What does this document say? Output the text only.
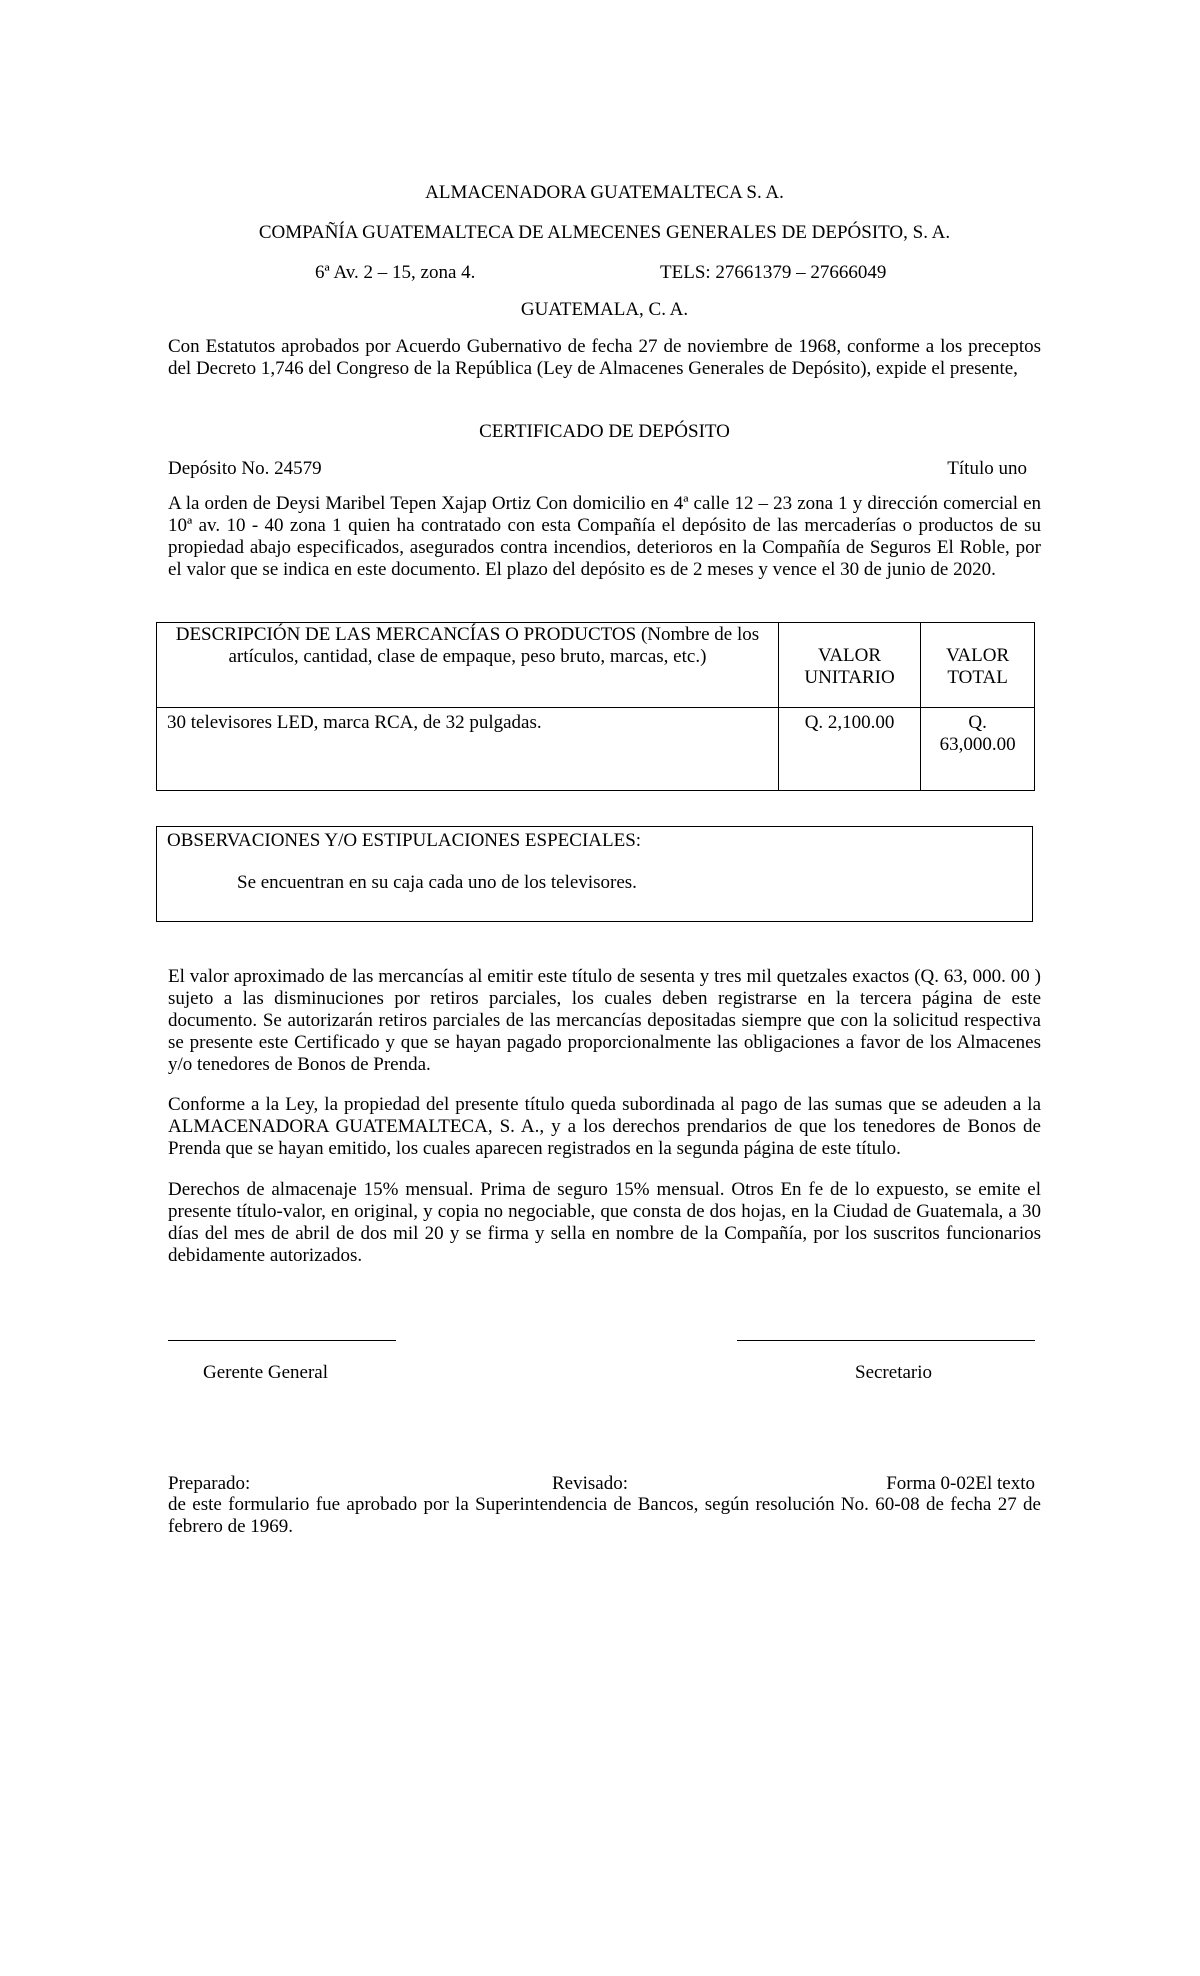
ALMACENADORA GUATEMALTECA S. A.
COMPAÑÍA GUATEMALTECA DE ALMECENES GENERALES DE DEPÓSITO, S. A.
6ª Av. 2 – 15, zona 4.	TELS: 27661379 – 27666049
GUATEMALA, C. A.
Con Estatutos aprobados por Acuerdo Gubernativo de fecha 27 de noviembre de 1968, conforme a los preceptos del Decreto 1,746 del Congreso de la República (Ley de Almacenes Generales de Depósito), expide el presente,
CERTIFICADO DE DEPÓSITO
Depósito No. 24579	Título uno
A la orden de Deysi Maribel Tepen Xajap Ortiz Con domicilio en 4ª calle 12 – 23 zona 1 y dirección comercial en 10ª av. 10 - 40 zona 1 quien ha contratado con esta Compañía el depósito de las mercaderías o productos de su propiedad abajo especificados, asegurados contra incendios, deterioros en la Compañía de Seguros El Roble, por el valor que se indica en este documento. El plazo del depósito es de 2 meses y vence el 30 de junio de 2020.
DESCRIPCIÓN DE LAS MERCANCÍAS O PRODUCTOS (Nombre de los artículos, cantidad, clase de empaque, peso bruto, marcas, etc.)	VALOR UNITARIO	VALOR TOTAL
30 televisores LED, marca RCA, de 32 pulgadas.	Q. 2,100.00	Q. 63,000.00
OBSERVACIONES Y/O ESTIPULACIONES ESPECIALES:
Se encuentran en su caja cada uno de los televisores.
El valor aproximado de las mercancías al emitir este título de sesenta y tres mil quetzales exactos (Q. 63, 000. 00 ) sujeto a las disminuciones por retiros parciales, los cuales deben registrarse en la tercera página de este documento. Se autorizarán retiros parciales de las mercancías depositadas siempre que con la solicitud respectiva se presente este Certificado y que se hayan pagado proporcionalmente las obligaciones a favor de los Almacenes y/o tenedores de Bonos de Prenda.
Conforme a la Ley, la propiedad del presente título queda subordinada al pago de las sumas que se adeuden a la ALMACENADORA GUATEMALTECA, S. A., y a los derechos prendarios de que los tenedores de Bonos de Prenda que se hayan emitido, los cuales aparecen registrados en la segunda página de este título.
Derechos de almacenaje 15% mensual. Prima de seguro 15% mensual. Otros En fe de lo expuesto, se emite el presente título-valor, en original, y copia no negociable, que consta de dos hojas, en la Ciudad de Guatemala, a 30 días del mes de abril de dos mil 20 y se firma y sella en nombre de la Compañía, por los suscritos funcionarios debidamente autorizados.
Gerente General	Secretario
Preparado:	Revisado:	Forma 0-02El texto
de este formulario fue aprobado por la Superintendencia de Bancos, según resolución No. 60-08 de fecha 27 de febrero de 1969.
